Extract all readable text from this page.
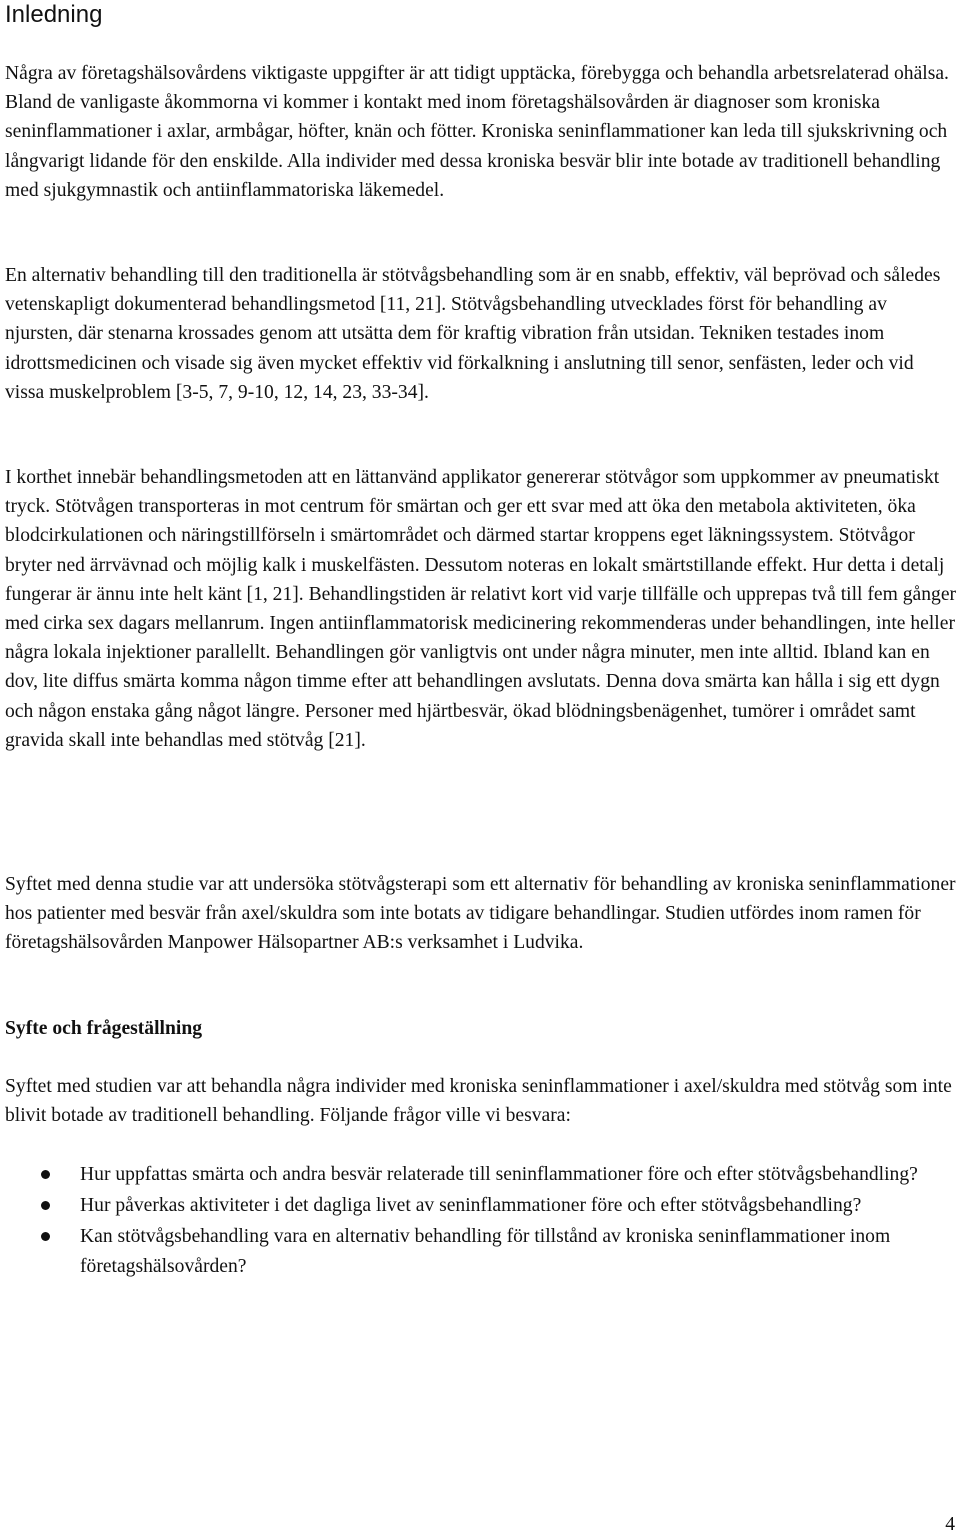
Inledning

Några av företagshälsovårdens viktigaste uppgifter är att tidigt upptäcka, förebygga och behandla arbetsrelaterad ohälsa. Bland de vanligaste åkommorna vi kommer i kontakt med inom företagshälsovården är diagnoser som kroniska seninflammationer i axlar, armbågar, höfter, knän och fötter. Kroniska seninflammationer kan leda till sjukskrivning och långvarigt lidande för den enskilde. Alla individer med dessa kroniska besvär blir inte botade av traditionell behandling med sjukgymnastik och antiinflammatoriska läkemedel.

En alternativ behandling till den traditionella är stötvågsbehandling som är en snabb, effektiv, väl beprövad och således vetenskapligt dokumenterad behandlingsmetod [11, 21]. Stötvågsbehandling utvecklades först för behandling av njursten, där stenarna krossades genom att utsätta dem för kraftig vibration från utsidan. Tekniken testades inom idrottsmedicinen och visade sig även mycket effektiv vid förkalkning i anslutning till senor, senfästen, leder och vid vissa muskelproblem [3-5, 7, 9-10, 12, 14, 23, 33-34].

I korthet innebär behandlingsmetoden att en lättanvänd applikator genererar stötvågor som uppkommer av pneumatiskt tryck. Stötvågen transporteras in mot centrum för smärtan och ger ett svar med att öka den metabola aktiviteten, öka blodcirkulationen och näringstillförseln i smärtområdet och därmed startar kroppens eget läkningssystem. Stötvågor bryter ned ärrvävnad och möjlig kalk i muskelfästen. Dessutom noteras en lokalt smärtstillande effekt. Hur detta i detalj fungerar är ännu inte helt känt [1, 21]. Behandlingstiden är relativt kort vid varje tillfälle och upprepas två till fem gånger med cirka sex dagars mellanrum. Ingen antiinflammatorisk medicinering rekommenderas under behandlingen, inte heller några lokala injektioner parallellt. Behandlingen gör vanligtvis ont under några minuter, men inte alltid. Ibland kan en dov, lite diffus smärta komma någon timme efter att behandlingen avslutats. Denna dova smärta kan hålla i sig ett dygn och någon enstaka gång något längre. Personer med hjärtbesvär, ökad blödningsbenägenhet, tumörer i området samt gravida skall inte behandlas med stötvåg [21].

Syftet med denna studie var att undersöka stötvågsterapi som ett alternativ för behandling av kroniska seninflammationer hos patienter med besvär från axel/skuldra som inte botats av tidigare behandlingar. Studien utfördes inom ramen för företagshälsovården Manpower Hälsopartner AB:s verksamhet i Ludvika.

Syfte och frågeställning

Syftet med studien var att behandla några individer med kroniska seninflammationer i axel/skuldra med stötvåg som inte blivit botade av traditionell behandling. Följande frågor ville vi besvara:

Hur uppfattas smärta och andra besvär relaterade till seninflammationer före och efter stötvågsbehandling?
Hur påverkas aktiviteter i det dagliga livet av seninflammationer före och efter stötvågsbehandling?
Kan stötvågsbehandling vara en alternativ behandling för tillstånd av kroniska seninflammationer inom företagshälsovården?
4
